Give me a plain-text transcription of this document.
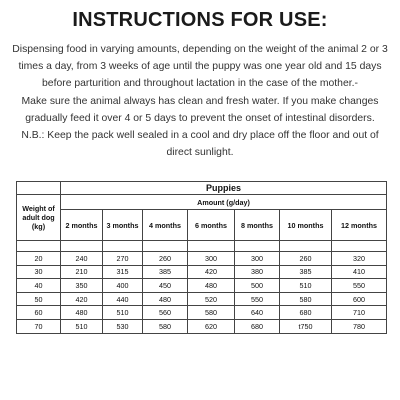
INSTRUCTIONS FOR USE:

Dispensing food in varying amounts, depending on the weight of the animal 2 or 3 times a day, from 3 weeks of age until the puppy was one year old and 15 days before parturition and throughout lactation in the case of the mother.-

Make sure the animal always has clean and fresh water. If you make changes gradually feed it over 4 or 5 days to prevent the onset of intestinal disorders.

N.B.: Keep the pack well sealed in a cool and dry place off the floor and out of direct sunlight.

	Puppies						
Weight of adult dog (kg)	Amount (g/day)						
	2 months	3 months	4 months	6 months	8 months	10 months	12 months

20	240	270	260	300	300	260	320
30	210	315	385	420	380	385	410
40	350	400	450	480	500	510	550
50	420	440	480	520	550	580	600
60	480	510	560	580	640	680	710
70	510	530	580	620	680	t750	780
